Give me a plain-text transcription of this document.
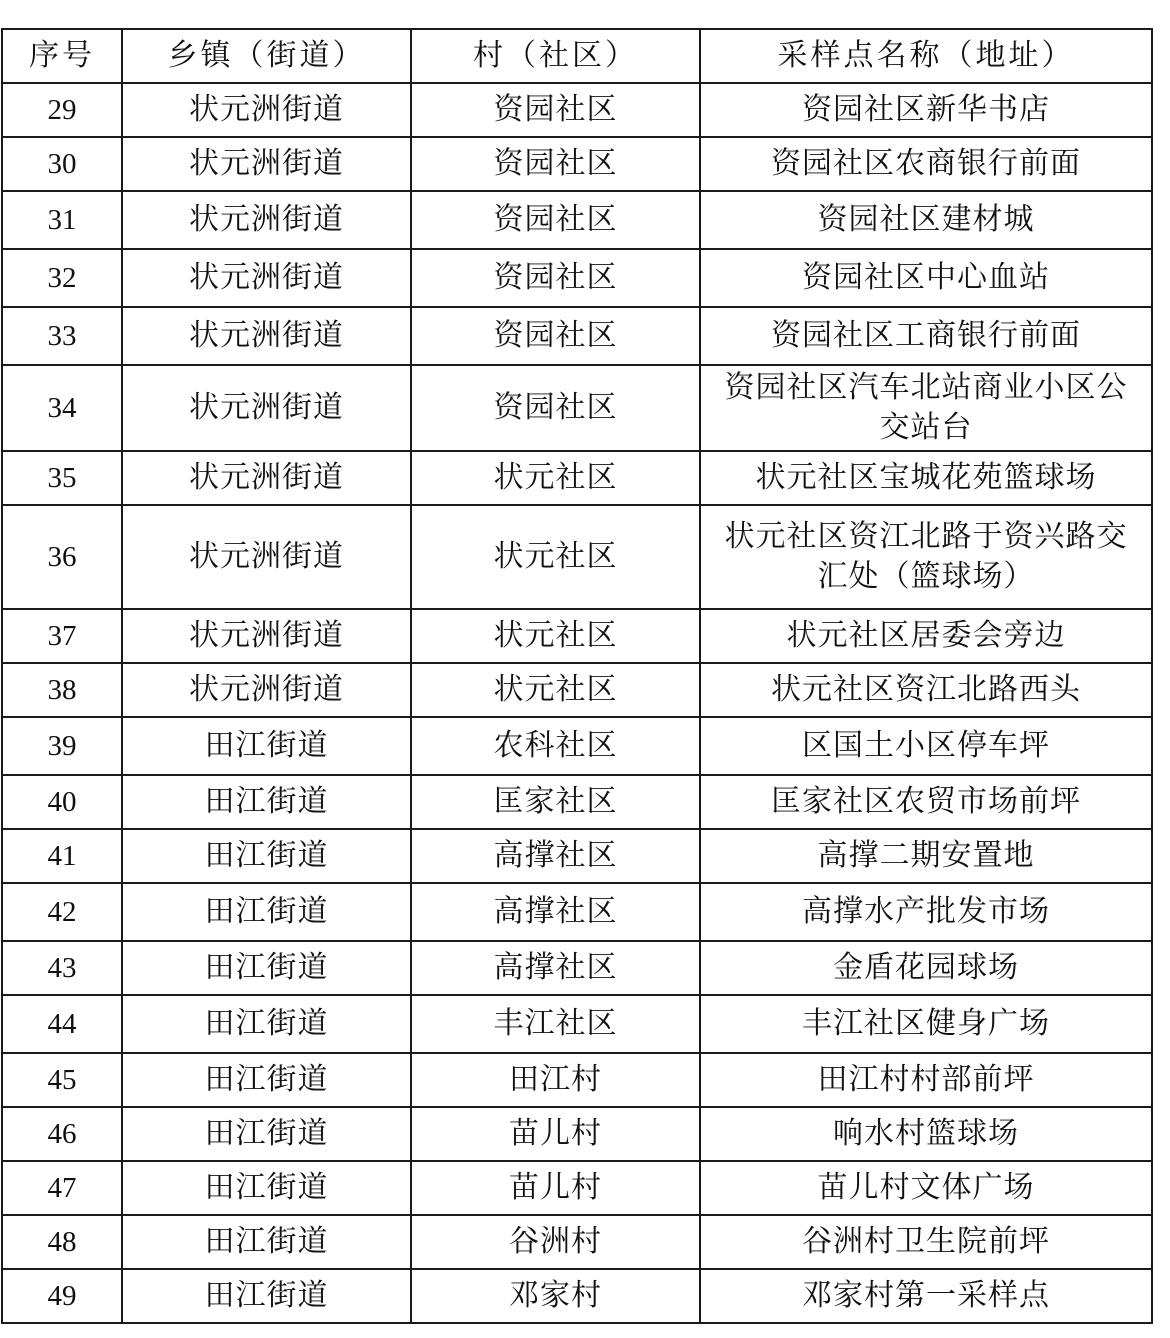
序号	乡镇（街道）	村（社区）	采样点名称（地址）
29	状元洲街道	资园社区	资园社区新华书店
30	状元洲街道	资园社区	资园社区农商银行前面
31	状元洲街道	资园社区	资园社区建材城
32	状元洲街道	资园社区	资园社区中心血站
33	状元洲街道	资园社区	资园社区工商银行前面
34	状元洲街道	资园社区	资园社区汽车北站商业小区公交站台
35	状元洲街道	状元社区	状元社区宝城花苑篮球场
36	状元洲街道	状元社区	状元社区资江北路于资兴路交汇处（篮球场）
37	状元洲街道	状元社区	状元社区居委会旁边
38	状元洲街道	状元社区	状元社区资江北路西头
39	田江街道	农科社区	区国土小区停车坪
40	田江街道	匡家社区	匡家社区农贸市场前坪
41	田江街道	高撑社区	高撑二期安置地
42	田江街道	高撑社区	高撑水产批发市场
43	田江街道	高撑社区	金盾花园球场
44	田江街道	丰江社区	丰江社区健身广场
45	田江街道	田江村	田江村村部前坪
46	田江街道	苗儿村	响水村篮球场
47	田江街道	苗儿村	苗儿村文体广场
48	田江街道	谷洲村	谷洲村卫生院前坪
49	田江街道	邓家村	邓家村第一采样点
